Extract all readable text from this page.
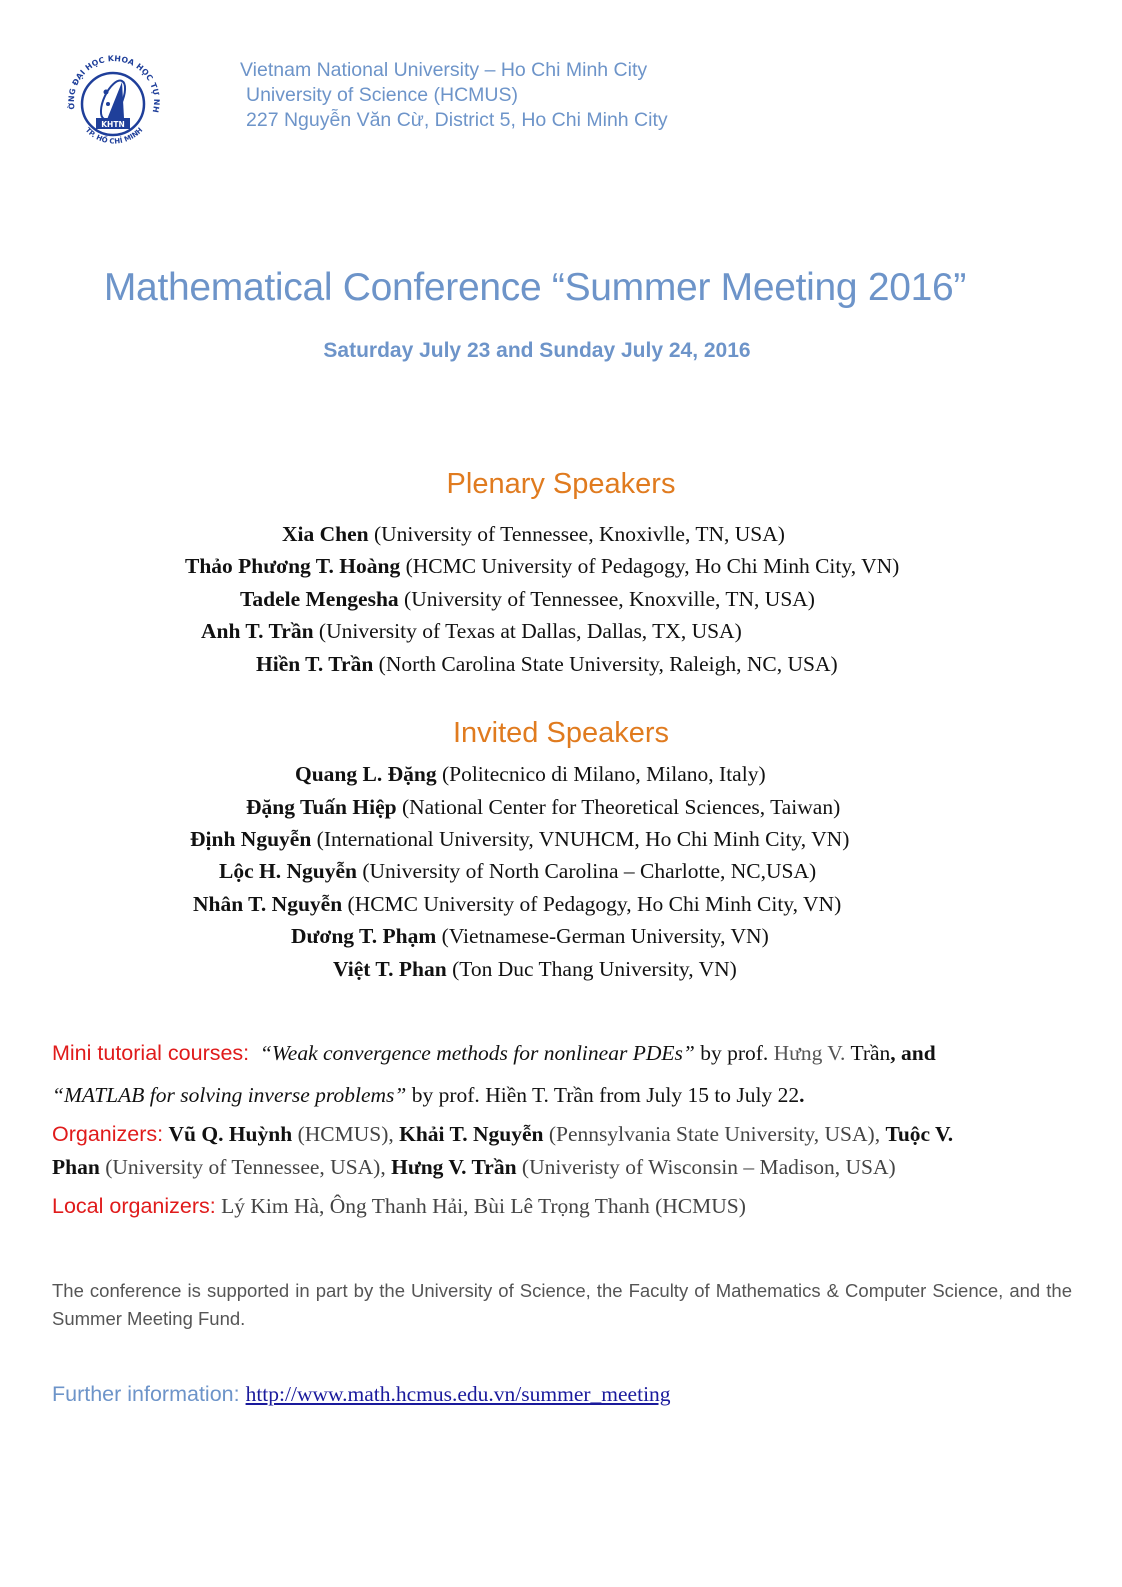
ỜNG ĐẠI HỌC KHOA HỌC TỰ NH
TP. HỒ CHÍ MINH
KHTN
Vietnam National University – Ho Chi Minh City
University of Science (HCMUS)
227 Nguyễn Văn Cừ, District 5, Ho Chi Minh City
Mathematical Conference “Summer Meeting 2016”
Saturday July 23 and Sunday July 24, 2016
Plenary Speakers
Xia Chen (University of Tennessee, Knoxivlle, TN, USA)
Thảo Phương T. Hoàng (HCMC University of Pedagogy, Ho Chi Minh City, VN)
Tadele Mengesha (University of Tennessee, Knoxville, TN, USA)
Anh T. Trần (University of Texas at Dallas, Dallas, TX, USA)
Hiền T. Trần (North Carolina State University, Raleigh, NC, USA)
Invited Speakers
Quang L. Đặng (Politecnico di Milano, Milano, Italy)
Đặng Tuấn Hiệp (National Center for Theoretical Sciences, Taiwan)
Định Nguyễn (International University, VNUHCM, Ho Chi Minh City, VN)
Lộc H. Nguyễn (University of North Carolina – Charlotte, NC,USA)
Nhân T. Nguyễn (HCMC University of Pedagogy, Ho Chi Minh City, VN)
Dương T. Phạm (Vietnamese-German University, VN)
Việt T. Phan (Ton Duc Thang University, VN)
Mini tutorial courses: “Weak convergence methods for nonlinear PDEs” by prof. Hưng V. Trần, and
“MATLAB for solving inverse problems” by prof. Hiền T. Trần from July 15 to July 22.
Organizers: Vũ Q. Huỳnh (HCMUS), Khải T. Nguyễn (Pennsylvania State University, USA), Tuộc V.
Phan (University of Tennessee, USA), Hưng V. Trần (Univeristy of Wisconsin – Madison, USA)
Local organizers: Lý Kim Hà, Ông Thanh Hải, Bùi Lê Trọng Thanh (HCMUS)
The conference is supported in part by the University of Science, the Faculty of Mathematics & Computer Science, and the Summer Meeting Fund.
Further information: http://www.math.hcmus.edu.vn/summer_meeting
